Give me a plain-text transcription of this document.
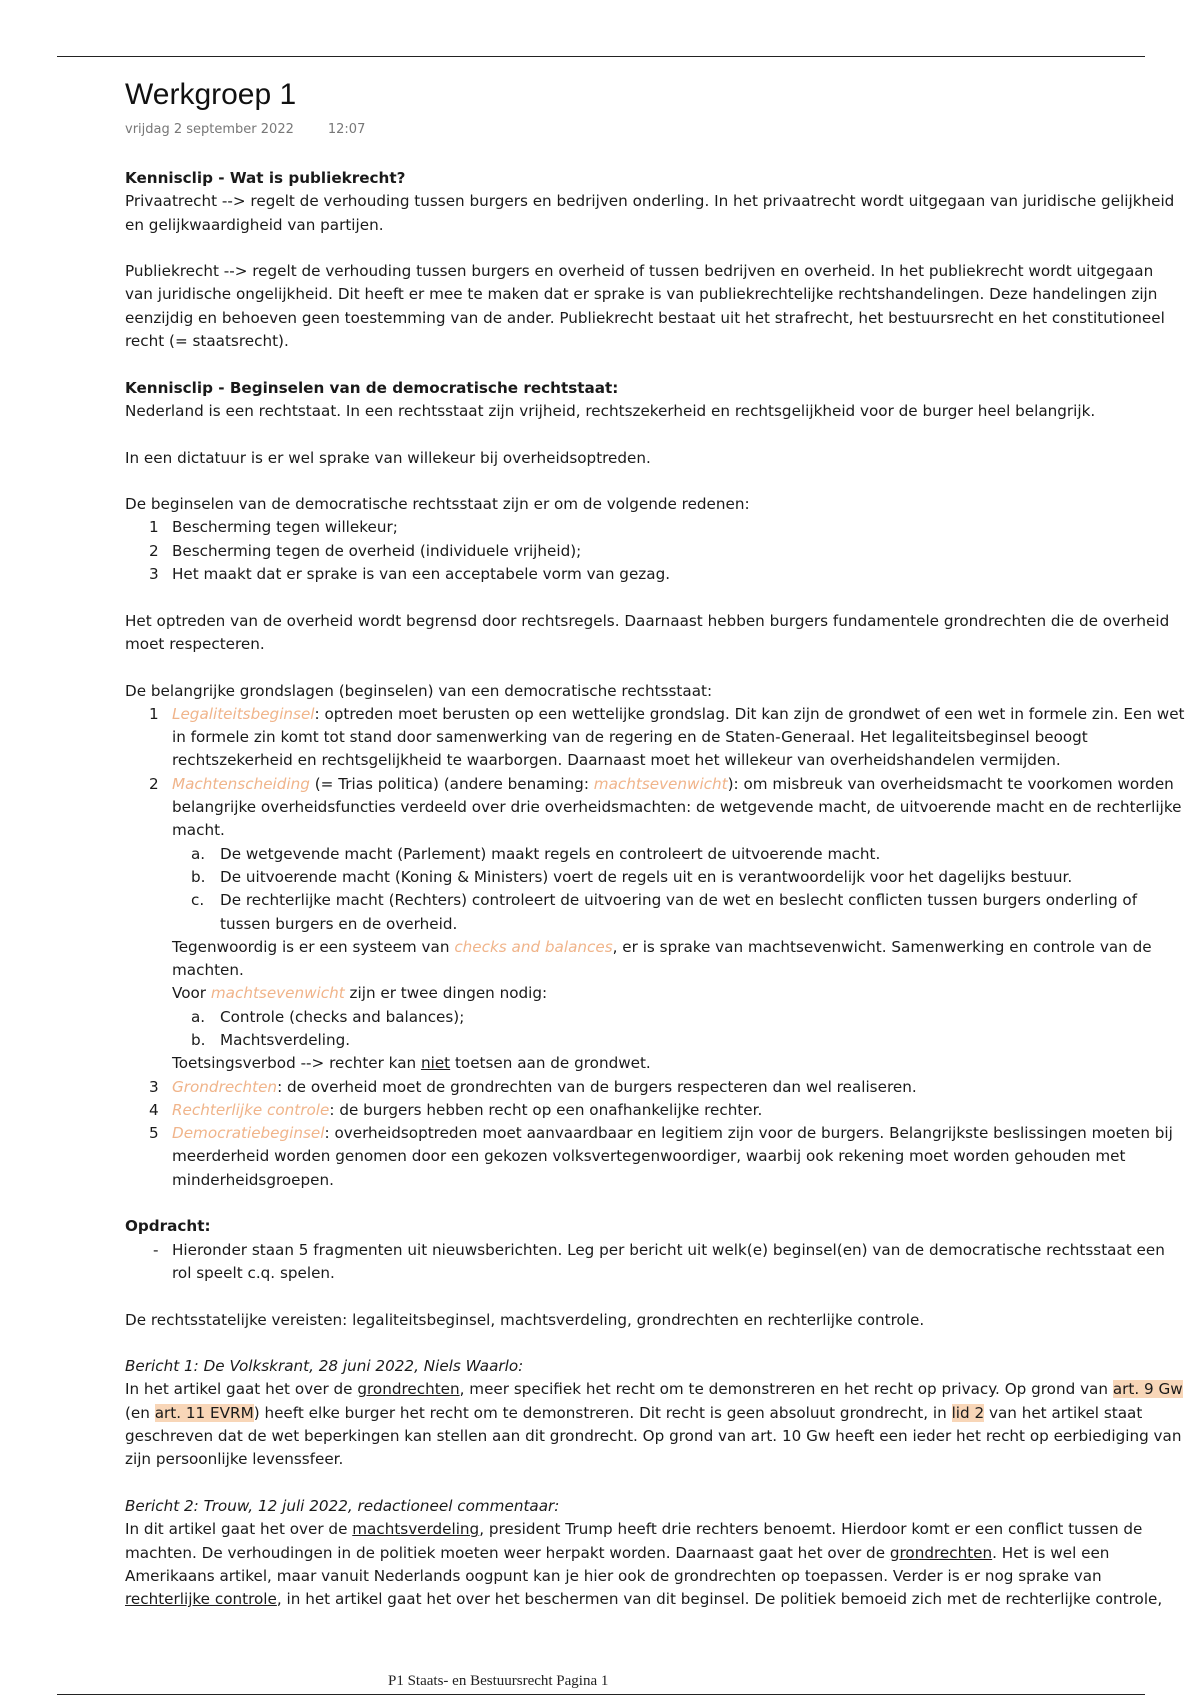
Werkgroep 1
vrijdag 2 september 2022	12:07

Kennisclip - Wat is publiekrecht?

Privaatrecht --> regelt de verhouding tussen burgers en bedrijven onderling. In het privaatrecht wordt uitgegaan van juridische gelijkheid en gelijkwaardigheid van partijen.

Publiekrecht --> regelt de verhouding tussen burgers en overheid of tussen bedrijven en overheid. In het publiekrecht wordt uitgegaan van juridische ongelijkheid. Dit heeft er mee te maken dat er sprake is van publiekrechtelijke rechtshandelingen. Deze handelingen zijn eenzijdig en behoeven geen toestemming van de ander. Publiekrecht bestaat uit het strafrecht, het bestuursrecht en het constitutioneel recht (= staatsrecht).

Kennisclip - Beginselen van de democratische rechtstaat:

Nederland is een rechtstaat. In een rechtsstaat zijn vrijheid, rechtszekerheid en rechtsgelijkheid voor de burger heel belangrijk.

In een dictatuur is er wel sprake van willekeur bij overheidsoptreden.

De beginselen van de democratische rechtsstaat zijn er om de volgende redenen:

1 Bescherming tegen willekeur;
2 Bescherming tegen de overheid (individuele vrijheid);
3 Het maakt dat er sprake is van een acceptabele vorm van gezag.

Het optreden van de overheid wordt begrensd door rechtsregels. Daarnaast hebben burgers fundamentele grondrechten die de overheid moet respecteren.

De belangrijke grondslagen (beginselen) van een democratische rechtsstaat:

1 Legaliteitsbeginsel: optreden moet berusten op een wettelijke grondslag. Dit kan zijn de grondwet of een wet in formele zin. Een wet in formele zin komt tot stand door samenwerking van de regering en de Staten-Generaal. Het legaliteitsbeginsel beoogt rechtszekerheid en rechtsgelijkheid te waarborgen. Daarnaast moet het willekeur van overheidshandelen vermijden.
2 Machtenscheiding (= Trias politica) (andere benaming: machtsevenwicht): om misbreuk van overheidsmacht te voorkomen worden belangrijke overheidsfuncties verdeeld over drie overheidsmachten: de wetgevende macht, de uitvoerende macht en de rechterlijke macht.
a. De wetgevende macht (Parlement) maakt regels en controleert de uitvoerende macht.
b. De uitvoerende macht (Koning & Ministers) voert de regels uit en is verantwoordelijk voor het dagelijks bestuur.
c. De rechterlijke macht (Rechters) controleert de uitvoering van de wet en beslecht conflicten tussen burgers onderling of tussen burgers en de overheid.
Tegenwoordig is er een systeem van checks and balances, er is sprake van machtsevenwicht. Samenwerking en controle van de machten.
Voor machtsevenwicht zijn er twee dingen nodig:
a. Controle (checks and balances);
b. Machtsverdeling.
Toetsingsverbod --> rechter kan niet toetsen aan de grondwet.
3 Grondrechten: de overheid moet de grondrechten van de burgers respecteren dan wel realiseren.
4 Rechterlijke controle: de burgers hebben recht op een onafhankelijke rechter.
5 Democratiebeginsel: overheidsoptreden moet aanvaardbaar en legitiem zijn voor de burgers. Belangrijkste beslissingen moeten bij meerderheid worden genomen door een gekozen volksvertegenwoordiger, waarbij ook rekening moet worden gehouden met minderheidsgroepen.

Opdracht:

- Hieronder staan 5 fragmenten uit nieuwsberichten. Leg per bericht uit welk(e) beginsel(en) van de democratische rechtsstaat een rol speelt c.q. spelen.

De rechtsstatelijke vereisten: legaliteitsbeginsel, machtsverdeling, grondrechten en rechterlijke controle.

Bericht 1: De Volkskrant, 28 juni 2022, Niels Waarlo:

In het artikel gaat het over de grondrechten, meer specifiek het recht om te demonstreren en het recht op privacy. Op grond van art. 9 Gw (en art. 11 EVRM) heeft elke burger het recht om te demonstreren. Dit recht is geen absoluut grondrecht, in lid 2 van het artikel staat geschreven dat de wet beperkingen kan stellen aan dit grondrecht. Op grond van art. 10 Gw heeft een ieder het recht op eerbiediging van zijn persoonlijke levenssfeer.

Bericht 2: Trouw, 12 juli 2022, redactioneel commentaar:

In dit artikel gaat het over de machtsverdeling, president Trump heeft drie rechters benoemt. Hierdoor komt er een conflict tussen de machten. De verhoudingen in de politiek moeten weer herpakt worden. Daarnaast gaat het over de grondrechten. Het is wel een Amerikaans artikel, maar vanuit Nederlands oogpunt kan je hier ook de grondrechten op toepassen. Verder is er nog sprake van rechterlijke controle, in het artikel gaat het over het beschermen van dit beginsel. De politiek bemoeid zich met de rechterlijke controle,

P1 Staats- en Bestuursrecht Pagina 1
